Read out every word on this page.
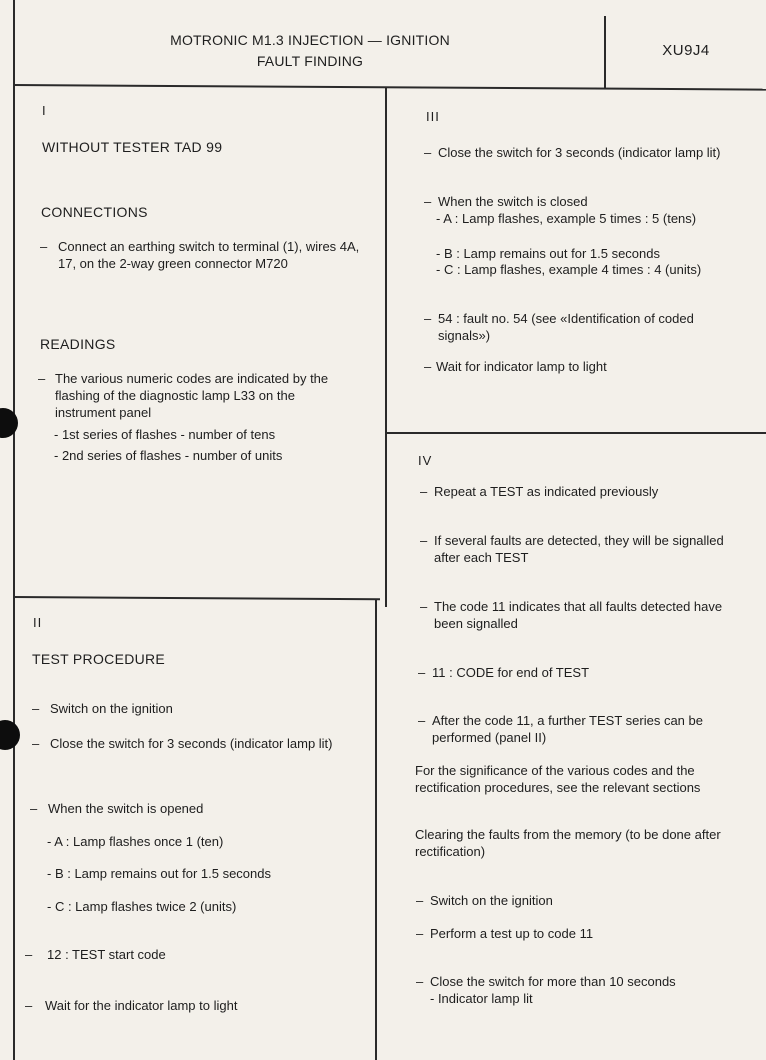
MOTRONIC M1.3 INJECTION — IGNITION
FAULT FINDING
XU9J4
I
WITHOUT TESTER TAD 99
CONNECTIONS
– Connect an earthing switch to terminal (1), wires 4A, 17, on the 2-way green connector M720
READINGS
– The various numeric codes are indicated by the flashing of the diagnostic lamp L33 on the instrument panel
- 1st series of flashes - number of tens
- 2nd series of flashes - number of units
II
TEST PROCEDURE
– Switch on the ignition
– Close the switch for 3 seconds (indicator lamp lit)
– When the switch is opened
- A : Lamp flashes once 1 (ten)
- B : Lamp remains out for 1.5 seconds
- C : Lamp flashes twice 2 (units)
–	12 : TEST start code
– Wait for the indicator lamp to light
III
– Close the switch for 3 seconds (indicator lamp lit)
– When the switch is closed
- A : Lamp flashes, example 5 times : 5 (tens)
- B : Lamp remains out for 1.5 seconds
- C : Lamp flashes, example 4 times : 4 (units)
– 54 : fault no. 54 (see «Identification of coded signals»)
– Wait for indicator lamp to light
IV
– Repeat a TEST as indicated previously
– If several faults are detected, they will be signalled after each TEST
– The code 11 indicates that all faults detected have been signalled
– 11 : CODE for end of TEST
– After the code 11, a further TEST series can be performed (panel II)
For the significance of the various codes and the rectification procedures, see the relevant sections
Clearing the faults from the memory (to be done after rectification)
– Switch on the ignition
– Perform a test up to code 11
– Close the switch for more than 10 seconds
- Indicator lamp lit
